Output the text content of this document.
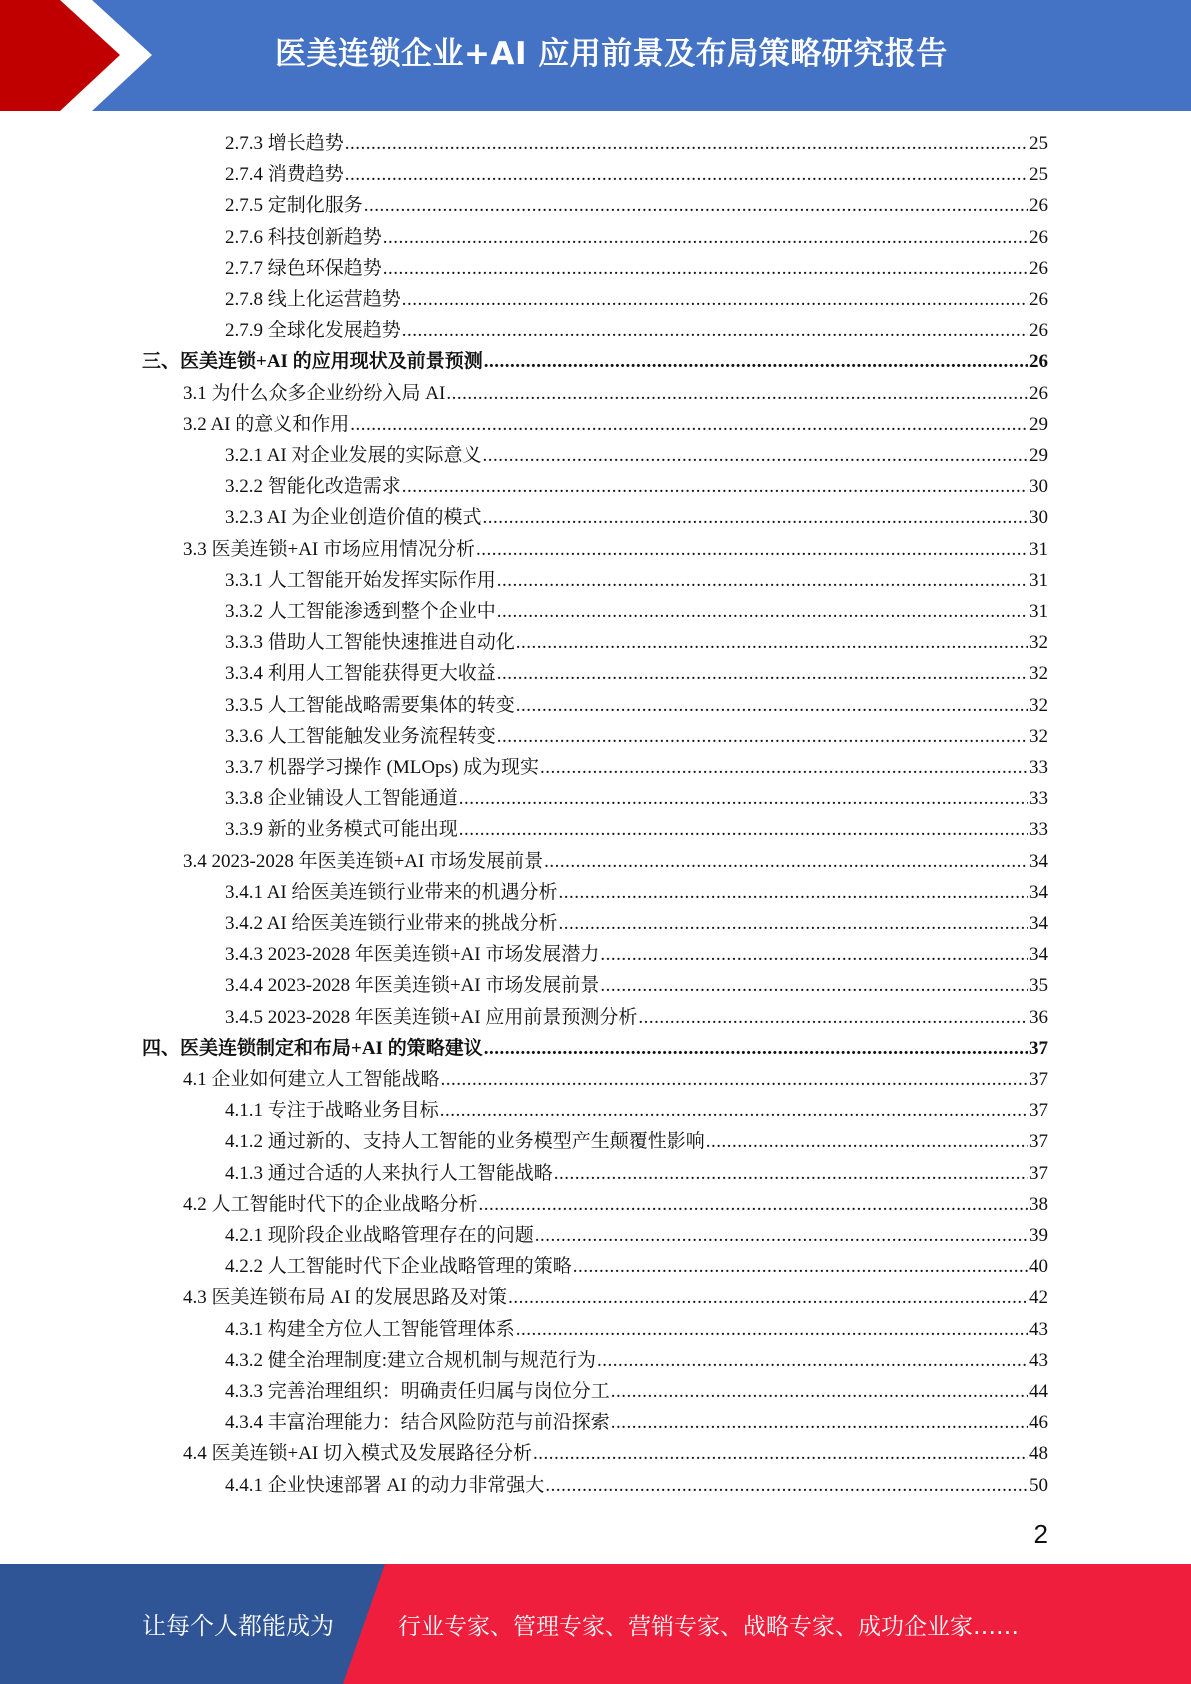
医美连锁企业+AI 应用前景及布局策略研究报告
2.7.3 增长趋势 .....	25
2.7.4 消费趋势 .....	25
2.7.5 定制化服务 .....	26
2.7.6 科技创新趋势 .....	26
2.7.7 绿色环保趋势 .....	26
2.7.8 线上化运营趋势 .....	26
2.7.9 全球化发展趋势 .....	26
三、医美连锁+AI 的应用现状及前景预测 .....	26
3.1 为什么众多企业纷纷入局 AI .....	26
3.2 AI 的意义和作用 .....	29
3.2.1 AI 对企业发展的实际意义 .....	29
3.2.2 智能化改造需求 .....	30
3.2.3 AI 为企业创造价值的模式 .....	30
3.3 医美连锁+AI 市场应用情况分析 .....	31
3.3.1 人工智能开始发挥实际作用 .....	31
3.3.2 人工智能渗透到整个企业中 .....	31
3.3.3 借助人工智能快速推进自动化 .....	32
3.3.4 利用人工智能获得更大收益 .....	32
3.3.5 人工智能战略需要集体的转变 .....	32
3.3.6 人工智能触发业务流程转变 .....	32
3.3.7 机器学习操作 (MLOps) 成为现实 .....	33
3.3.8 企业铺设人工智能通道 .....	33
3.3.9 新的业务模式可能出现 .....	33
3.4 2023-2028 年医美连锁+AI 市场发展前景 .....	34
3.4.1 AI 给医美连锁行业带来的机遇分析 .....	34
3.4.2 AI 给医美连锁行业带来的挑战分析 .....	34
3.4.3 2023-2028 年医美连锁+AI 市场发展潜力 .....	34
3.4.4 2023-2028 年医美连锁+AI 市场发展前景 .....	35
3.4.5 2023-2028 年医美连锁+AI 应用前景预测分析 .....	36
四、医美连锁制定和布局+AI 的策略建议 .....	37
4.1 企业如何建立人工智能战略 .....	37
4.1.1 专注于战略业务目标 .....	37
4.1.2 通过新的、支持人工智能的业务模型产生颠覆性影响 .....	37
4.1.3 通过合适的人来执行人工智能战略 .....	37
4.2 人工智能时代下的企业战略分析 .....	38
4.2.1 现阶段企业战略管理存在的问题 .....	39
4.2.2 人工智能时代下企业战略管理的策略 .....	40
4.3 医美连锁布局 AI 的发展思路及对策 .....	42
4.3.1 构建全方位人工智能管理体系 .....	43
4.3.2 健全治理制度:建立合规机制与规范行为 .....	43
4.3.3 完善治理组织：明确责任归属与岗位分工 .....	44
4.3.4 丰富治理能力：结合风险防范与前沿探索 .....	46
4.4 医美连锁+AI 切入模式及发展路径分析 .....	48
4.4.1 企业快速部署 AI 的动力非常强大 .....	50
2
让每个人都能成为	行业专家、管理专家、营销专家、战略专家、成功企业家……
